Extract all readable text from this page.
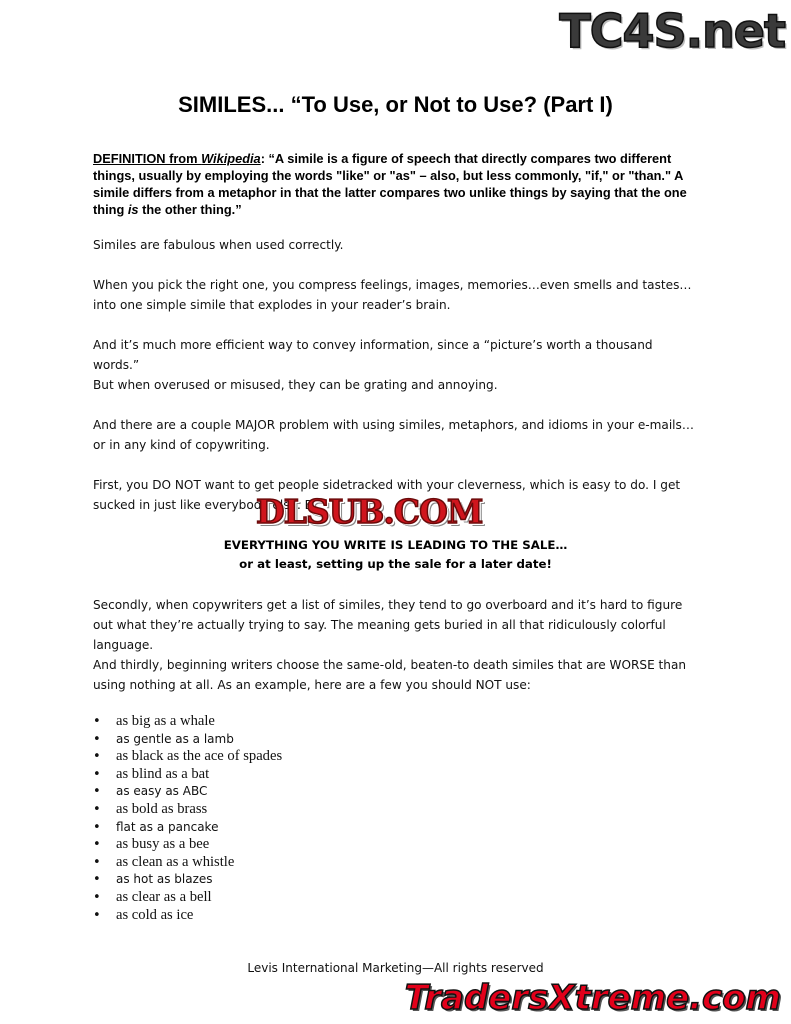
TC4S.net
SIMILES... “To Use, or Not to Use? (Part I)
DEFINITION from Wikipedia: “A simile is a figure of speech that directly compares two different things, usually by employing the words "like" or "as" – also, but less commonly, "if," or "than." A simile differs from a metaphor in that the latter compares two unlike things by saying that the one thing is the other thing.”
Similes are fabulous when used correctly.
When you pick the right one, you compress feelings, images, memories…even smells and tastes…into one simple simile that explodes in your reader’s brain.
And it’s much more efficient way to convey information, since a “picture’s worth a thousand words.”
But when overused or misused, they can be grating and annoying.
And there are a couple MAJOR problem with using similes, metaphors, and idioms in your e-mails…or in any kind of copywriting.
First, you DO NOT want to get people sidetracked with your cleverness, which is easy to do. I get sucked in just like everybody else. B
DLSUB.COM
EVERYTHING YOU WRITE IS LEADING TO THE SALE…
or at least, setting up the sale for a later date!
Secondly, when copywriters get a list of similes, they tend to go overboard and it’s hard to figure out what they’re actually trying to say. The meaning gets buried in all that ridiculously colorful language.
And thirdly, beginning writers choose the same-old, beaten-to death similes that are WORSE than using nothing at all. As an example, here are a few you should NOT use:
• as big as a whale
• as gentle as a lamb
• as black as the ace of spades
• as blind as a bat
• as easy as ABC
• as bold as brass
• flat as a pancake
• as busy as a bee
• as clean as a whistle
• as hot as blazes
• as clear as a bell
• as cold as ice
Levis International Marketing—All rights reserved
TradersXtreme.com
